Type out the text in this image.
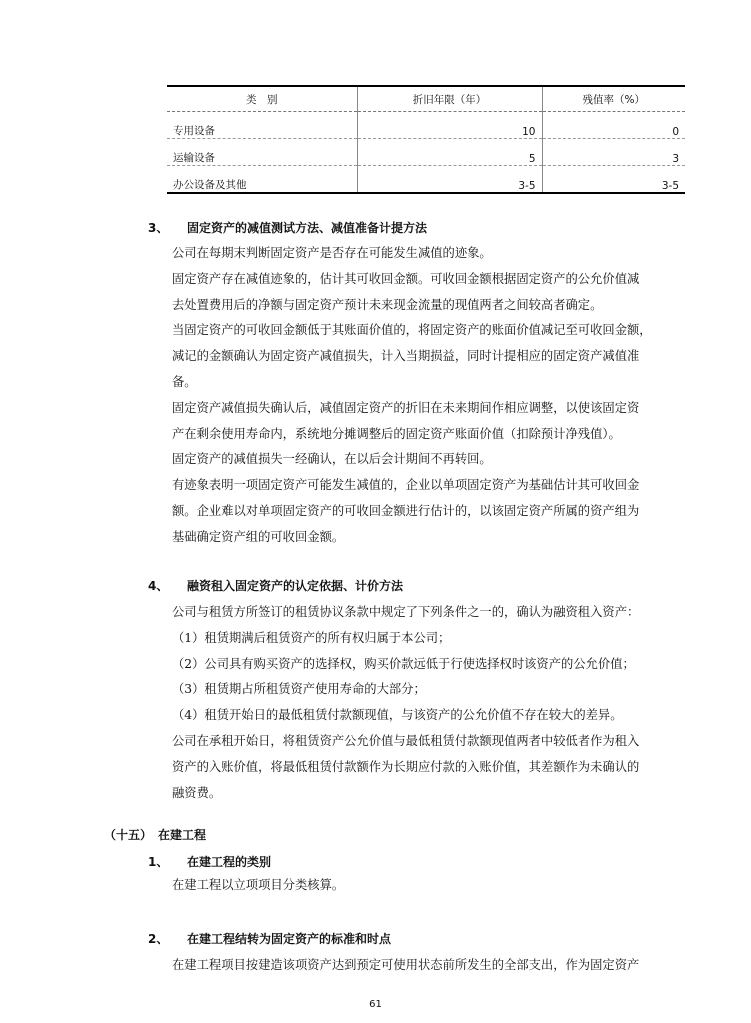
类　别	折旧年限（年）	残值率（%）
专用设备	10	0
运输设备	5	3
办公设备及其他	3-5	3-5
3、 固定资产的减值测试方法、减值准备计提方法
公司在每期末判断固定资产是否存在可能发生减值的迹象。
固定资产存在减值迹象的，估计其可收回金额。可收回金额根据固定资产的公允价值减
去处置费用后的净额与固定资产预计未来现金流量的现值两者之间较高者确定。
当固定资产的可收回金额低于其账面价值的，将固定资产的账面价值减记至可收回金额，
减记的金额确认为固定资产减值损失，计入当期损益，同时计提相应的固定资产减值准
备。
固定资产减值损失确认后，减值固定资产的折旧在未来期间作相应调整，以使该固定资
产在剩余使用寿命内，系统地分摊调整后的固定资产账面价值（扣除预计净残值）。
固定资产的减值损失一经确认，在以后会计期间不再转回。
有迹象表明一项固定资产可能发生减值的，企业以单项固定资产为基础估计其可收回金
额。企业难以对单项固定资产的可收回金额进行估计的，以该固定资产所属的资产组为
基础确定资产组的可收回金额。
4、 融资租入固定资产的认定依据、计价方法
公司与租赁方所签订的租赁协议条款中规定了下列条件之一的，确认为融资租入资产：
（1）租赁期满后租赁资产的所有权归属于本公司；
（2）公司具有购买资产的选择权，购买价款远低于行使选择权时该资产的公允价值；
（3）租赁期占所租赁资产使用寿命的大部分；
（4）租赁开始日的最低租赁付款额现值，与该资产的公允价值不存在较大的差异。
公司在承租开始日，将租赁资产公允价值与最低租赁付款额现值两者中较低者作为租入
资产的入账价值，将最低租赁付款额作为长期应付款的入账价值，其差额作为未确认的
融资费。
（十五） 在建工程
1、 在建工程的类别
在建工程以立项项目分类核算。
2、 在建工程结转为固定资产的标准和时点
在建工程项目按建造该项资产达到预定可使用状态前所发生的全部支出，作为固定资产
61
